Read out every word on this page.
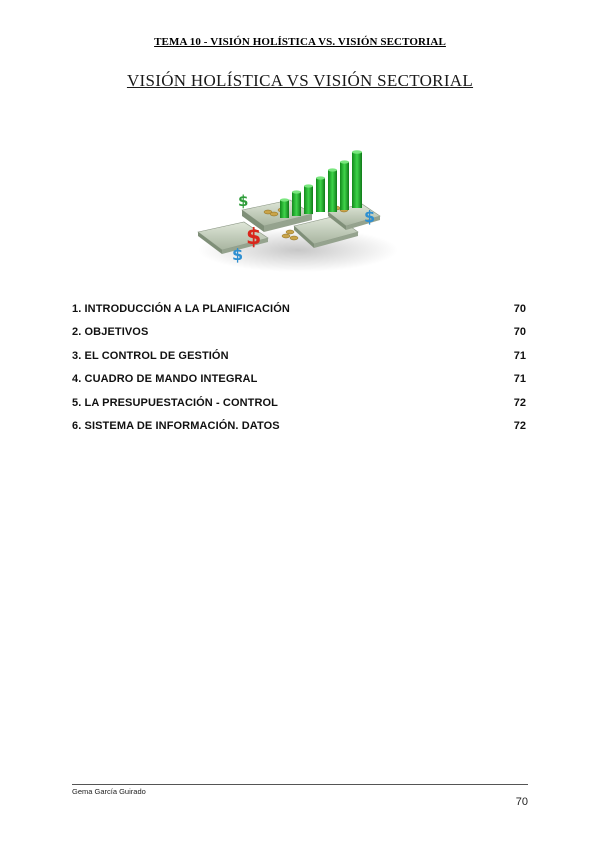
TEMA 10 - VISIÓN HOLÍSTICA VS. VISIÓN SECTORIAL
VISIÓN HOLÍSTICA VS VISIÓN SECTORIAL
$
$
$
$
1. INTRODUCCIÓN A LA PLANIFICACIÓN	70
2. OBJETIVOS	70
3. EL CONTROL DE GESTIÓN	71
4. CUADRO DE MANDO INTEGRAL	71
5. LA PRESUPUESTACIÓN - CONTROL	72
6. SISTEMA DE INFORMACIÓN. DATOS	72
Gema García Guirado
70
